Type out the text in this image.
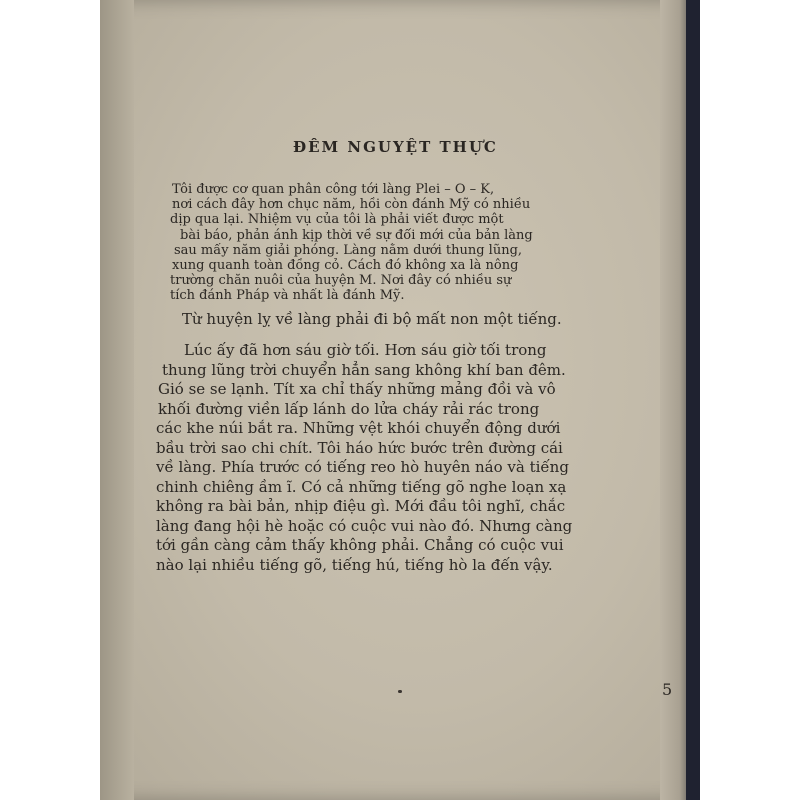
ĐÊM NGUYỆT THỰC

Tôi được cơ quan phân công tới làng Plei – O – K,
nơi cách đây hơn chục năm, hồi còn đánh Mỹ có nhiều
dịp qua lại. Nhiệm vụ của tôi là phải viết được một
bài báo, phản ánh kịp thời về sự đổi mới của bản làng
sau mấy năm giải phóng. Làng nằm dưới thung lũng,
xung quanh toàn đồng cỏ. Cách đó không xa là nông
trường chăn nuôi của huyện M. Nơi đây có nhiều sự
tích đánh Pháp và nhất là đánh Mỹ.

Từ huyện lỵ về làng phải đi bộ mất non một tiếng.

Lúc ấy đã hơn sáu giờ tối. Hơn sáu giờ tối trong
thung lũng trời chuyển hẳn sang không khí ban đêm.
Gió se se lạnh. Tít xa chỉ thấy những mảng đồi và vô
khối đường viền lấp lánh do lửa cháy rải rác trong
các khe núi bắt ra. Những vệt khói chuyển động dưới
bầu trời sao chi chít. Tôi háo hức bước trên đường cái
về làng. Phía trước có tiếng reo hò huyên náo và tiếng
chinh chiêng ầm ĩ. Có cả những tiếng gõ nghe loạn xạ
không ra bài bản, nhịp điệu gì. Mới đầu tôi nghĩ, chắc
làng đang hội hè hoặc có cuộc vui nào đó. Nhưng càng
tới gần càng cảm thấy không phải. Chẳng có cuộc vui
nào lại nhiều tiếng gõ, tiếng hú, tiếng hò la đến vậy.

5
